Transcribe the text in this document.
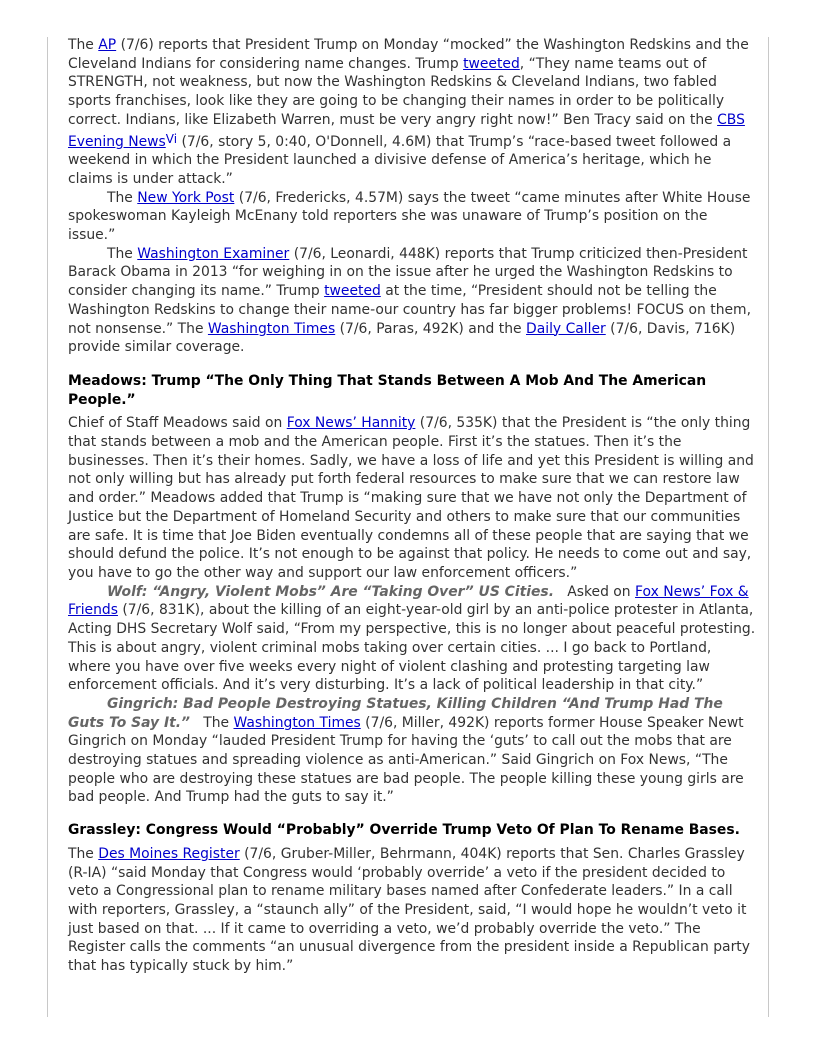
The AP (7/6) reports that President Trump on Monday “mocked” the Washington Redskins and the Cleveland Indians for considering name changes. Trump tweeted, “They name teams out of STRENGTH, not weakness, but now the Washington Redskins & Cleveland Indians, two fabled sports franchises, look like they are going to be changing their names in order to be politically correct. Indians, like Elizabeth Warren, must be very angry right now!” Ben Tracy said on the CBS Evening NewsVi (7/6, story 5, 0:40, O'Donnell, 4.6M) that Trump’s “race-based tweet followed a weekend in which the President launched a divisive defense of America’s heritage, which he claims is under attack.”

The New York Post (7/6, Fredericks, 4.57M) says the tweet “came minutes after White House spokeswoman Kayleigh McEnany told reporters she was unaware of Trump’s position on the issue.”

The Washington Examiner (7/6, Leonardi, 448K) reports that Trump criticized then-President Barack Obama in 2013 “for weighing in on the issue after he urged the Washington Redskins to consider changing its name.” Trump tweeted at the time, “President should not be telling the Washington Redskins to change their name-our country has far bigger problems! FOCUS on them, not nonsense.” The Washington Times (7/6, Paras, 492K) and the Daily Caller (7/6, Davis, 716K) provide similar coverage.

Meadows: Trump “The Only Thing That Stands Between A Mob And The American People.”

Chief of Staff Meadows said on Fox News’ Hannity (7/6, 535K) that the President is “the only thing that stands between a mob and the American people. First it’s the statues. Then it’s the businesses. Then it’s their homes. Sadly, we have a loss of life and yet this President is willing and not only willing but has already put forth federal resources to make sure that we can restore law and order.” Meadows added that Trump is “making sure that we have not only the Department of Justice but the Department of Homeland Security and others to make sure that our communities are safe. It is time that Joe Biden eventually condemns all of these people that are saying that we should defund the police. It’s not enough to be against that policy. He needs to come out and say, you have to go the other way and support our law enforcement officers.”

Wolf: “Angry, Violent Mobs” Are “Taking Over” US Cities.   Asked on Fox News’ Fox & Friends (7/6, 831K), about the killing of an eight-year-old girl by an anti-police protester in Atlanta, Acting DHS Secretary Wolf said, “From my perspective, this is no longer about peaceful protesting. This is about angry, violent criminal mobs taking over certain cities. ... I go back to Portland, where you have over five weeks every night of violent clashing and protesting targeting law enforcement officials. And it’s very disturbing. It’s a lack of political leadership in that city.”

Gingrich: Bad People Destroying Statues, Killing Children “And Trump Had The Guts To Say It.”   The Washington Times (7/6, Miller, 492K) reports former House Speaker Newt Gingrich on Monday “lauded President Trump for having the ‘guts’ to call out the mobs that are destroying statues and spreading violence as anti-American.” Said Gingrich on Fox News, “The people who are destroying these statues are bad people. The people killing these young girls are bad people. And Trump had the guts to say it.”

Grassley: Congress Would “Probably” Override Trump Veto Of Plan To Rename Bases.

The Des Moines Register (7/6, Gruber-Miller, Behrmann, 404K) reports that Sen. Charles Grassley (R-IA) “said Monday that Congress would ‘probably override’ a veto if the president decided to veto a Congressional plan to rename military bases named after Confederate leaders.” In a call with reporters, Grassley, a “staunch ally” of the President, said, “I would hope he wouldn’t veto it just based on that. ... If it came to overriding a veto, we’d probably override the veto.” The Register calls the comments “an unusual divergence from the president inside a Republican party that has typically stuck by him.”
